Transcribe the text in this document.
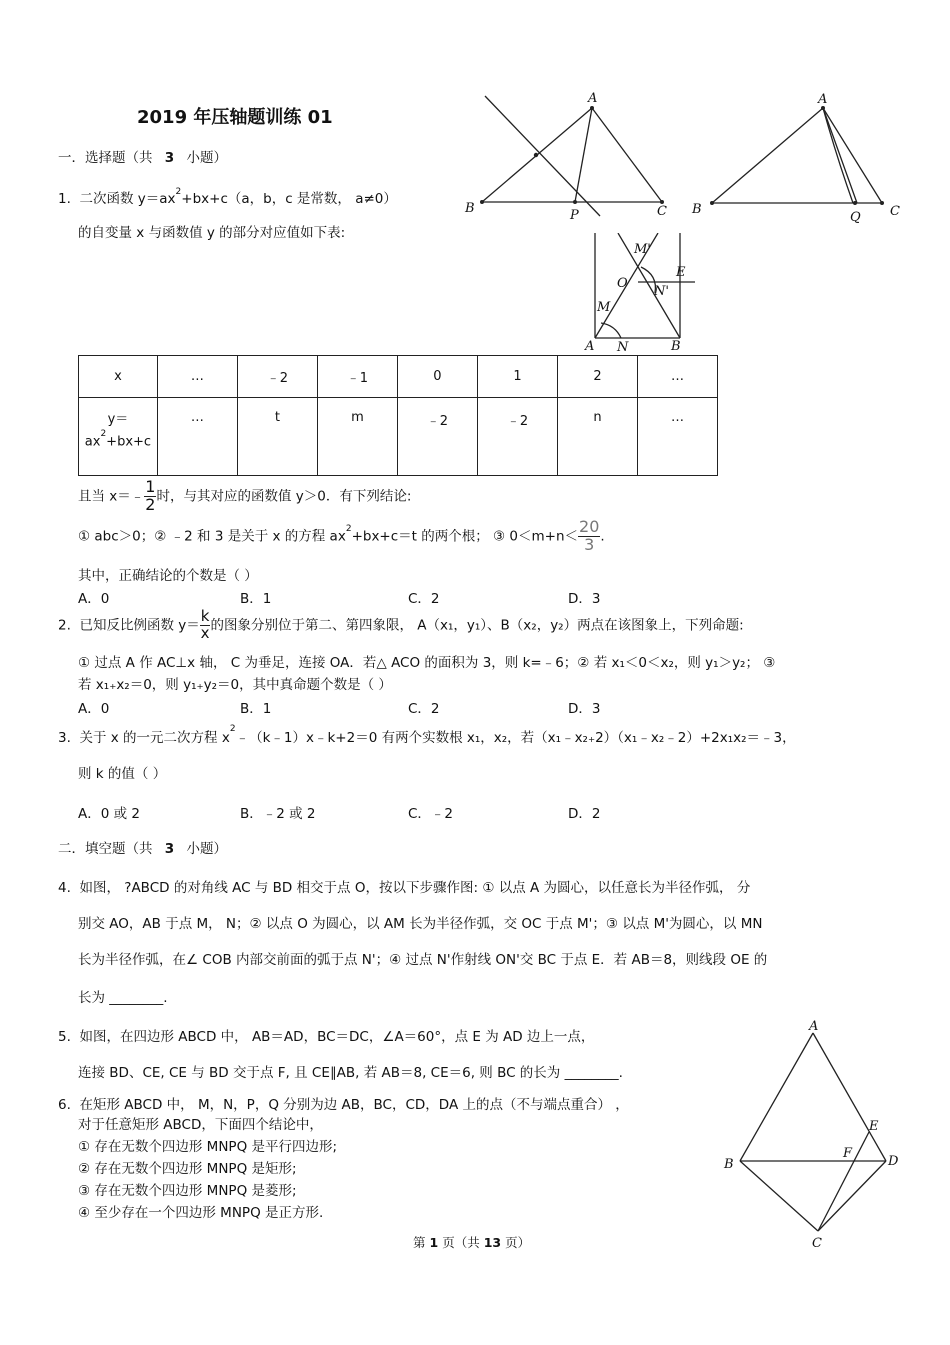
2019 年压轴题训练 01
一．选择题（共 3 小题）
1. 二次函数 $y=ax^2+bx+c(a$，b，c 是常数， a≠0）
的自变量 x 与函数值 y 的部分对应值如下表:
x	…	﹣2	﹣1	0	1	2	…

y＝
$ax^2+bx+c$	…	t	m	﹣2	﹣2	n	…
且当 x＝﹣ $\frac{1}{2}$ 时，与其对应的函数值 y＞0．有下列结论:
① abc＞0；② ﹣2 和 3 是关于 x 的方程 $ax^2+bx+c=t$ 的两个根； ③ $0<m+n< \frac{20}{3}$ .
其中，正确结论的个数是（ ）
A．0	B．1	C．2	D．3
2. 已知反比例函数 $y= \frac{k}{x}$ 的图象分别位于第二、第四象限， A（x₁，y₁）、B（x₂，y₂）两点在该图象上，下列命题:
① 过点 A 作 AC⊥x 轴， C 为垂足，连接 OA．若△ ACO 的面积为 3，则 k=﹣6；② 若 x₁＜0＜x₂，则 y₁＞y₂； ③
若 x₁₊x₂＝0，则 y₁₊y₂＝0，其中真命题个数是（ ）
A．0	B．1	C．2	D．3
3. 关于 x 的一元二次方程 $x^2﹣(k﹣1)x﹣k+2=0$ 有两个实数根 x₁，x₂，若（x₁﹣x₂₊2）（x₁﹣x₂﹣2）+2x₁x₂＝﹣3，
则 k 的值（ ）
A．0 或 2	B．﹣2 或 2	C．﹣2	D．2
二．填空题（共 3 小题）
4. 如图， ?ABCD 的对角线 AC 与 BD 相交于点 O，按以下步骤作图: ① 以点 A 为圆心，以任意长为半径作弧， 分
别交 AO，AB 于点 M， N；② 以点 O 为圆心，以 AM 长为半径作弧，交 OC 于点 M'；③ 以点 M'为圆心，以 MN
长为半径作弧，在∠ COB 内部交前面的弧于点 N'；④ 过点 N'作射线 ON'交 BC 于点 E．若 AB＝8，则线段 OE 的
长为 ________.
5. 如图，在四边形 ABCD 中， AB＝AD，BC＝DC，∠A＝60°，点 E 为 AD 边上一点，
连接 BD、CE, CE 与 BD 交于点 F, 且 CE∥AB, 若 AB＝8, CE＝6, 则 BC 的长为 ________.
6. 在矩形 ABCD 中， M，N，P，Q 分别为边 AB，BC，CD，DA 上的点（不与端点重合） ，
对于任意矩形 ABCD，下面四个结论中，
① 存在无数个四边形 MNPQ 是平行四边形;
② 存在无数个四边形 MNPQ 是矩形;
③ 存在无数个四边形 MNPQ 是菱形;
④ 至少存在一个四边形 MNPQ 是正方形.
第 1 页（共 13 页）
A
B	C
P
A
B	C
Q
M'
O
E
N'
M
A N	B
A
E
B
F
D
C
